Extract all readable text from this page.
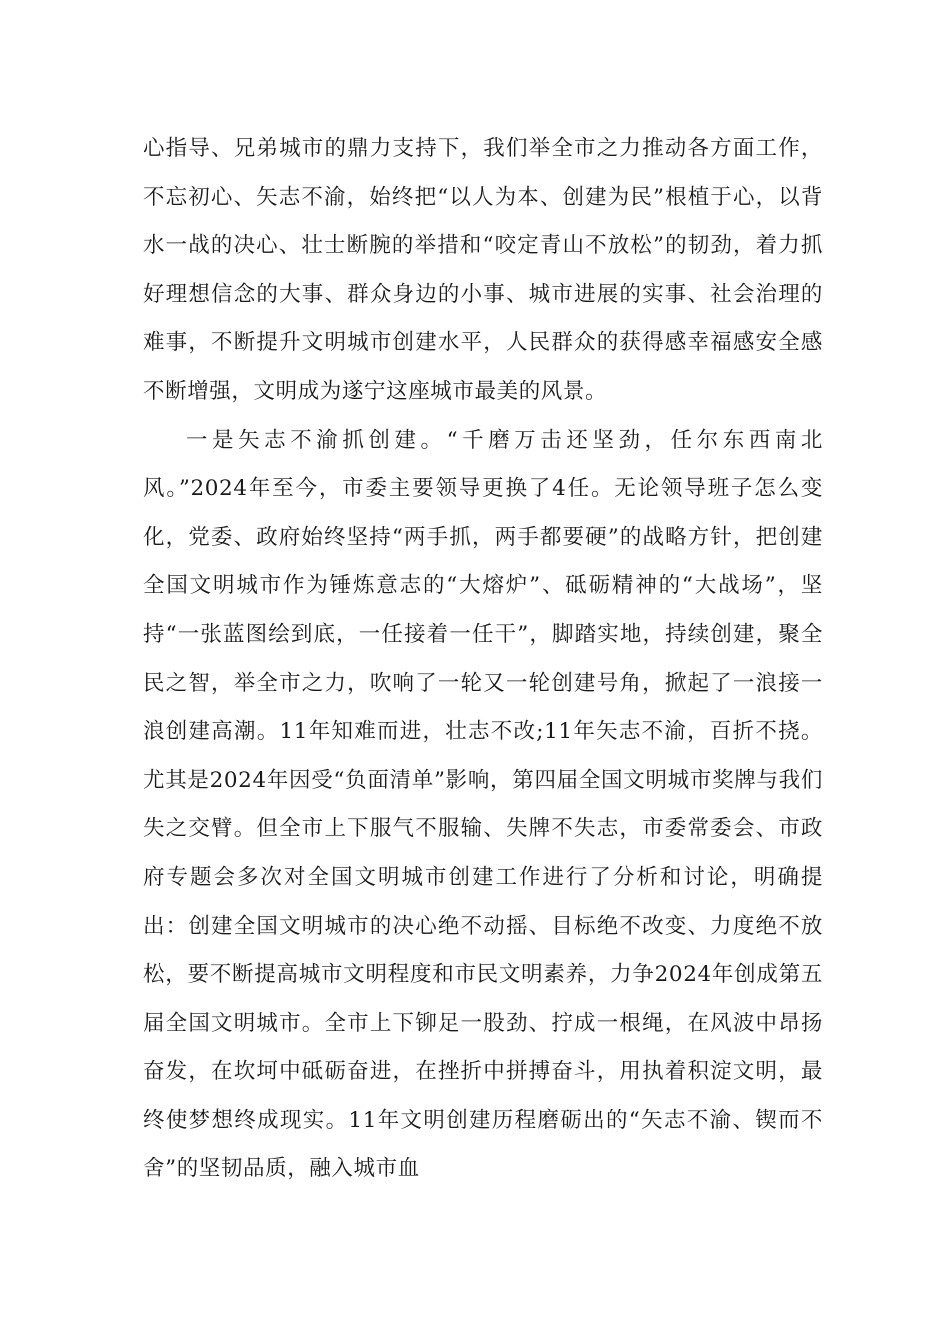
心指导、兄弟城市的鼎力支持下，我们举全市之力推动各方面工作，不忘初心、矢志不渝，始终把“以人为本、创建为民”根植于心，以背水一战的决心、壮士断腕的举措和“咬定青山不放松”的韧劲，着力抓好理想信念的大事、群众身边的小事、城市进展的实事、社会治理的难事，不断提升文明城市创建水平，人民群众的获得感幸福感安全感不断增强，文明成为遂宁这座城市最美的风景。

一是矢志不渝抓创建。“千磨万击还坚劲，任尔东西南北风。”2024年至今，市委主要领导更换了4任。无论领导班子怎么变化，党委、政府始终坚持“两手抓，两手都要硬”的战略方针，把创建全国文明城市作为锤炼意志的“大熔炉”、砥砺精神的“大战场”，坚持“一张蓝图绘到底，一任接着一任干”，脚踏实地，持续创建，聚全民之智，举全市之力，吹响了一轮又一轮创建号角，掀起了一浪接一浪创建高潮。11年知难而进，壮志不改;11年矢志不渝，百折不挠。尤其是2024年因受“负面清单”影响，第四届全国文明城市奖牌与我们失之交臂。但全市上下服气不服输、失牌不失志，市委常委会、市政府专题会多次对全国文明城市创建工作进行了分析和讨论，明确提出：创建全国文明城市的决心绝不动摇、目标绝不改变、力度绝不放松，要不断提高城市文明程度和市民文明素养，力争2024年创成第五届全国文明城市。全市上下铆足一股劲、拧成一根绳，在风波中昂扬奋发，在坎坷中砥砺奋进，在挫折中拼搏奋斗，用执着积淀文明，最终使梦想终成现实。11年文明创建历程磨砺出的“矢志不渝、锲而不舍”的坚韧品质，融入城市血
